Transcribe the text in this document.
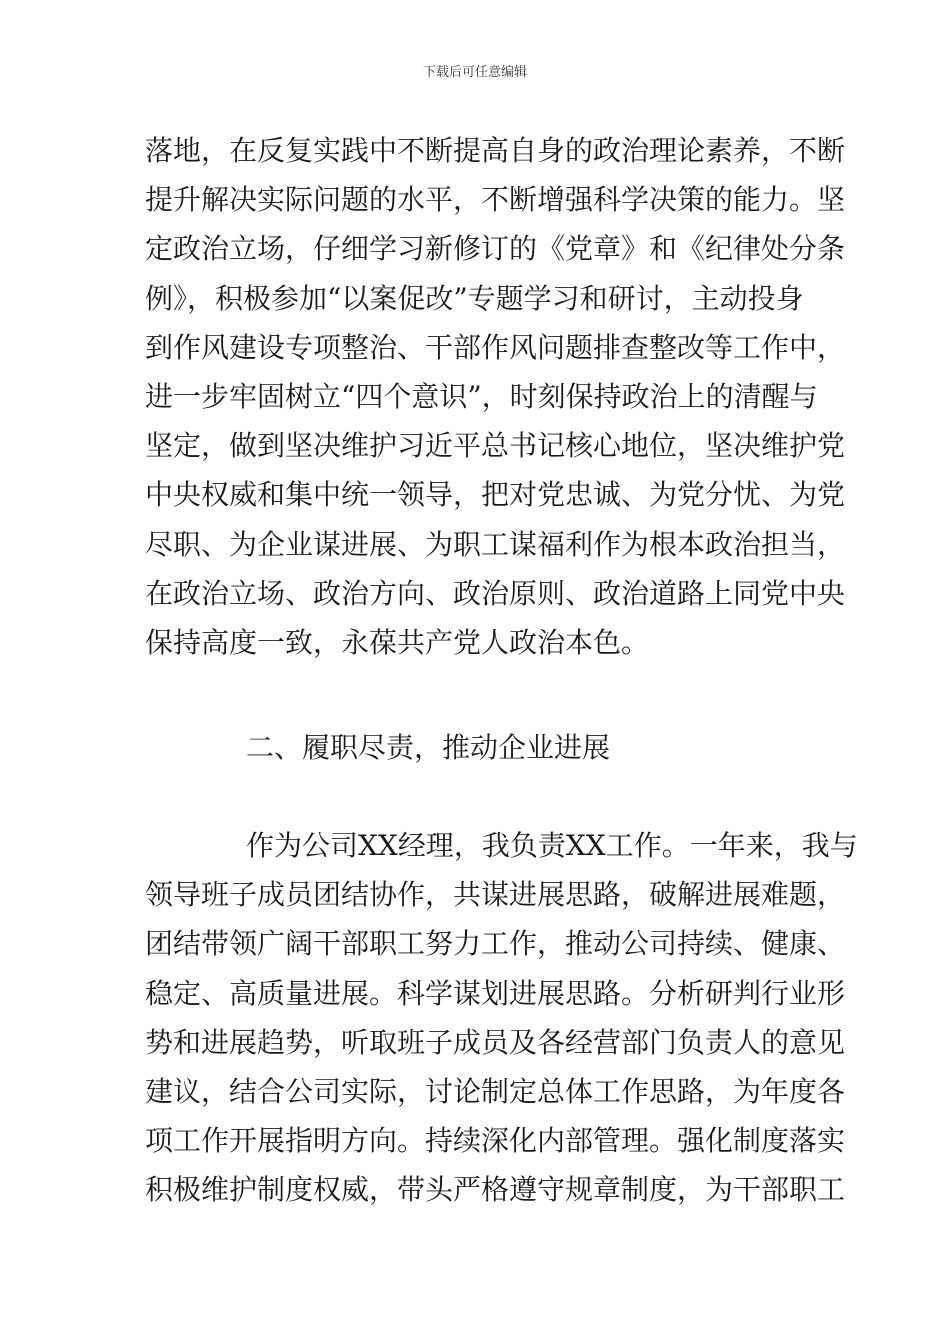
下载后可任意编辑
落地，在反复实践中不断提高自身的政治理论素养，不断
提升解决实际问题的水平，不断增强科学决策的能力。坚
定政治立场，仔细学习新修订的《党章》和《纪律处分条
例》，积极参加“以案促改”专题学习和研讨，主动投身
到作风建设专项整治、干部作风问题排查整改等工作中，
进一步牢固树立“四个意识”，时刻保持政治上的清醒与
坚定，做到坚决维护习近平总书记核心地位，坚决维护党
中央权威和集中统一领导，把对党忠诚、为党分忧、为党
尽职、为企业谋进展、为职工谋福利作为根本政治担当，
在政治立场、政治方向、政治原则、政治道路上同党中央
保持高度一致，永葆共产党人政治本色。
二、履职尽责，推动企业进展
作为公司XX经理，我负责XX工作。一年来，我与
领导班子成员团结协作，共谋进展思路，破解进展难题，
团结带领广阔干部职工努力工作，推动公司持续、健康、
稳定、高质量进展。科学谋划进展思路。分析研判行业形
势和进展趋势，听取班子成员及各经营部门负责人的意见
建议，结合公司实际，讨论制定总体工作思路，为年度各
项工作开展指明方向。持续深化内部管理。强化制度落实
积极维护制度权威，带头严格遵守规章制度，为干部职工
